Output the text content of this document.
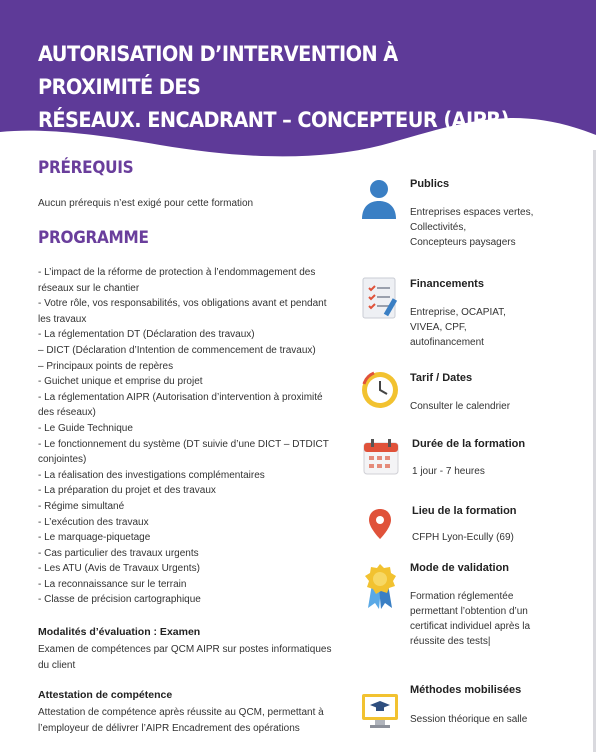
AUTORISATION D’INTERVENTION À PROXIMITÉ DES
RÉSEAUX. ENCADRANT – CONCEPTEUR (AIPR)
PRÉREQUIS
Aucun prérequis n’est exigé pour cette formation
PROGRAMME
- L’impact de la réforme de protection à l’endommagement des
réseaux sur le chantier
- Votre rôle, vos responsabilités, vos obligations avant et pendant
les travaux
- La réglementation DT (Déclaration des travaux)
– DICT (Déclaration d’Intention de commencement de travaux)
– Principaux points de repères
- Guichet unique et emprise du projet
- La réglementation AIPR (Autorisation d’intervention à proximité
des réseaux)
- Le Guide Technique
- Le fonctionnement du système (DT suivie d’une DICT – DTDICT
conjointes)
- La réalisation des investigations complémentaires
- La préparation du projet et des travaux
- Régime simultané
- L’exécution des travaux
- Le marquage-piquetage
- Cas particulier des travaux urgents
- Les ATU (Avis de Travaux Urgents)
- La reconnaissance sur le terrain
- Classe de précision cartographique
Modalités d’évaluation : Examen
Examen de compétences par QCM AIPR sur postes informatiques
du client
Attestation de compétence
Attestation de compétence après réussite au QCM, permettant à
l’employeur de délivrer l’AIPR Encadrement des opérations
Publics
Entreprises espaces vertes,
Collectivités,
Concepteurs paysagers
Financements
Entreprise, OCAPIAT,
VIVEA, CPF,
autofinancement
Tarif / Dates
Consulter le calendrier
Durée de la formation
1 jour - 7 heures
Lieu de la formation
CFPH Lyon-Ecully (69)
Mode de validation
Formation réglementée
permettant l’obtention d’un
certificat individuel après la
réussite des tests|
Méthodes mobilisées
Session théorique en salle
